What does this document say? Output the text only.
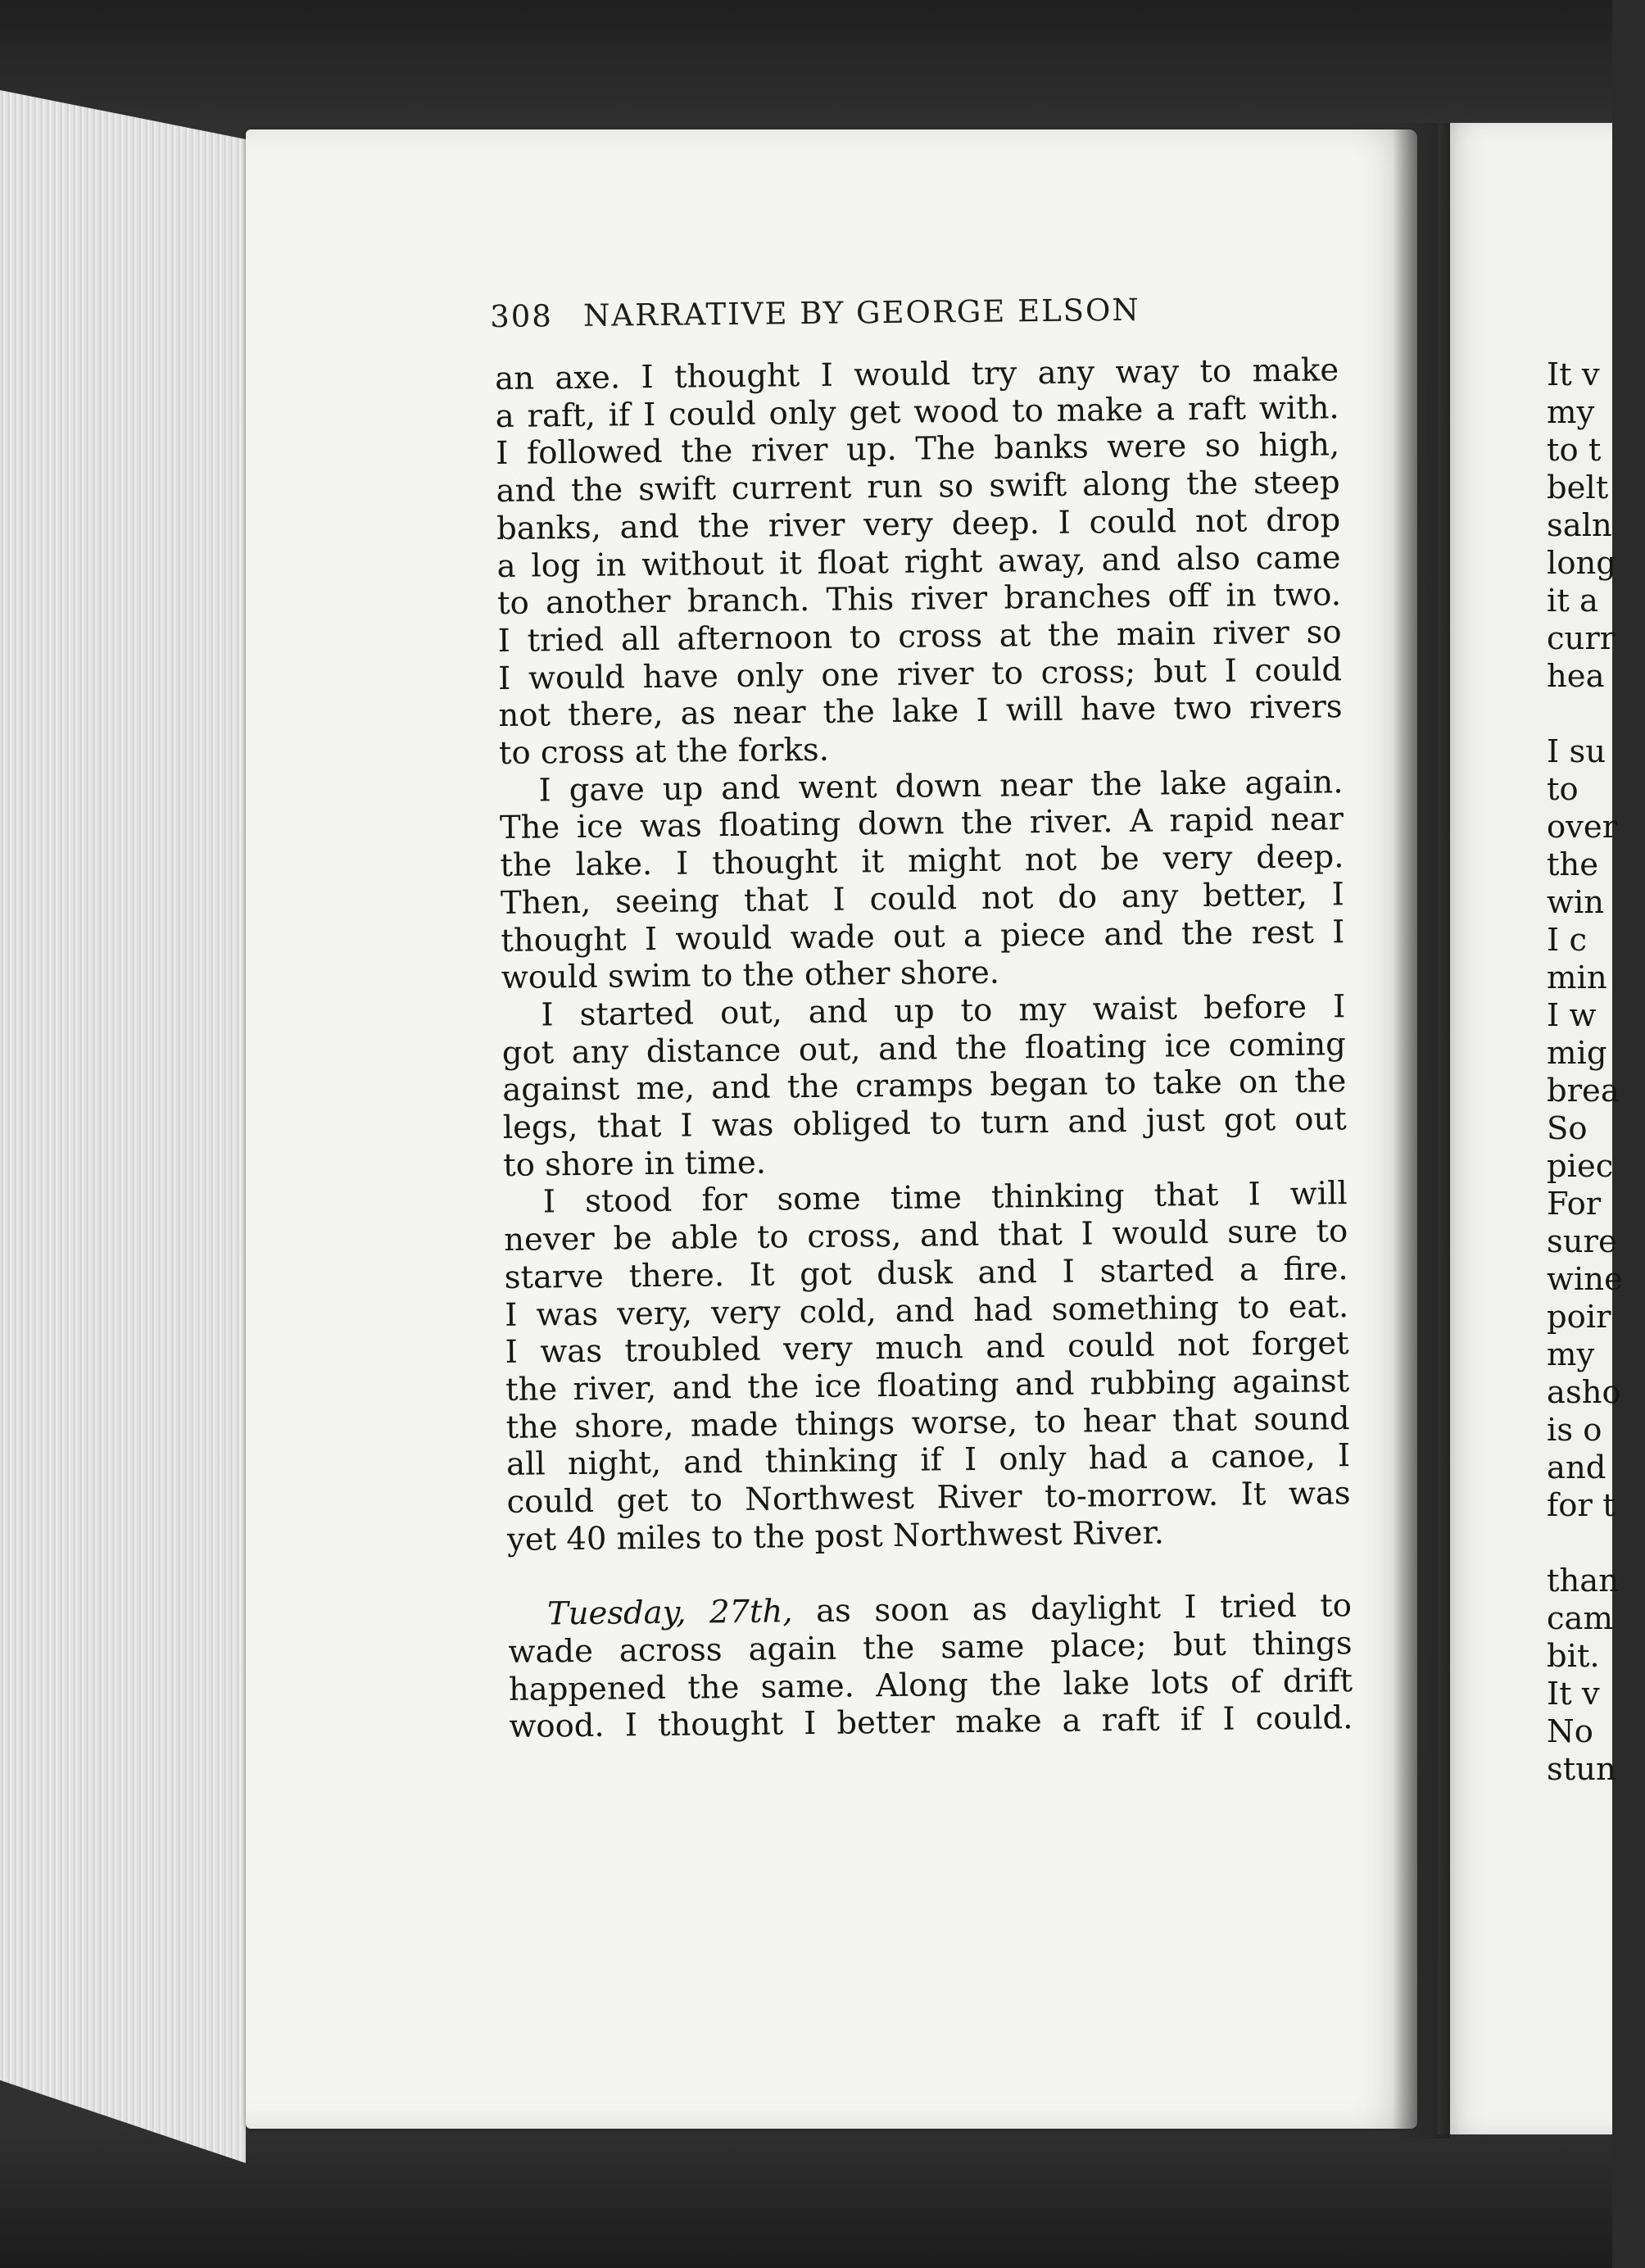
308 NARRATIVE BY GEORGE ELSON
an axe. I thought I would try any way to make
a raft, if I could only get wood to make a raft with.
I followed the river up. The banks were so high,
and the swift current run so swift along the steep
banks, and the river very deep. I could not drop
a log in without it float right away, and also came
to another branch. This river branches off in two.
I tried all afternoon to cross at the main river so
I would have only one river to cross; but I could
not there, as near the lake I will have two rivers
to cross at the forks.
I gave up and went down near the lake again.
The ice was floating down the river. A rapid near
the lake. I thought it might not be very deep.
Then, seeing that I could not do any better, I
thought I would wade out a piece and the rest I
would swim to the other shore.
I started out, and up to my waist before I
got any distance out, and the floating ice coming
against me, and the cramps began to take on the
legs, that I was obliged to turn and just got out
to shore in time.
I stood for some time thinking that I will
never be able to cross, and that I would sure to
starve there. It got dusk and I started a fire.
I was very, very cold, and had something to eat.
I was troubled very much and could not forget
the river, and the ice floating and rubbing against
the shore, made things worse, to hear that sound
all night, and thinking if I only had a canoe, I
could get to Northwest River to-morrow. It was
yet 40 miles to the post Northwest River.
Tuesday, 27th, as soon as daylight I tried to
wade across again the same place; but things
happened the same. Along the lake lots of drift
wood. I thought I better make a raft if I could.
It v
my
to t
belt
saln
long
it a
curr
hea
I su
to
over
the
win
I c
min
I w
mig
brea
So
piec
For
sure
wine
poir
my
asho
is o
and
for t
than
cam
bit.
It v
No
stun
